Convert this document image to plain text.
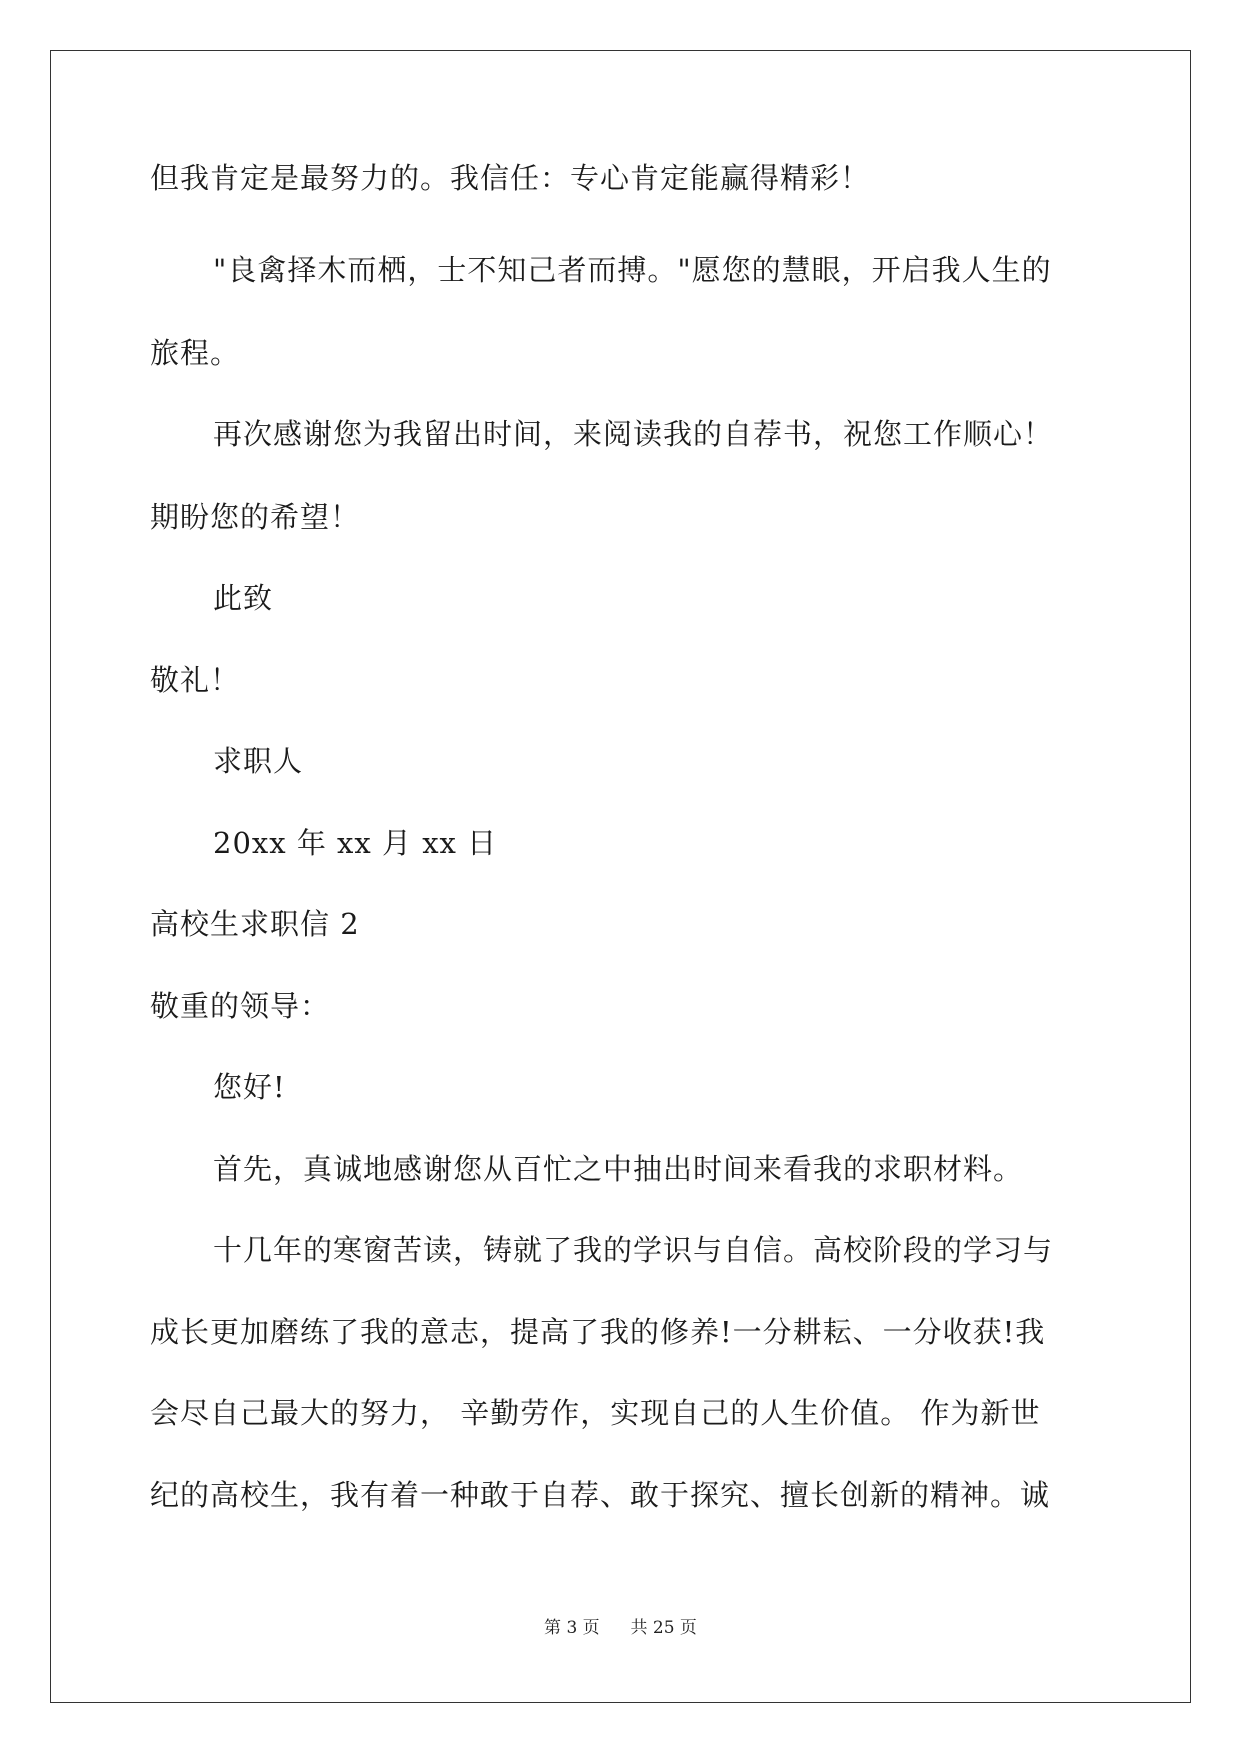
但我肯定是最努力的。我信任：专心肯定能赢得精彩！
"良禽择木而栖，士不知己者而搏。"愿您的慧眼，开启我人生的
旅程。
再次感谢您为我留出时间，来阅读我的自荐书，祝您工作顺心！
期盼您的希望！
此致
敬礼！
求职人
20xx 年 xx 月 xx 日
高校生求职信 2
敬重的领导：
您好!
首先，真诚地感谢您从百忙之中抽出时间来看我的求职材料。
十几年的寒窗苦读，铸就了我的学识与自信。高校阶段的学习与
成长更加磨练了我的意志，提高了我的修养!一分耕耘、一分收获!我
会尽自己最大的努力， 辛勤劳作，实现自己的人生价值。 作为新世
纪的高校生，我有着一种敢于自荐、敢于探究、擅长创新的精神。诚
第 3 页 共 25 页
